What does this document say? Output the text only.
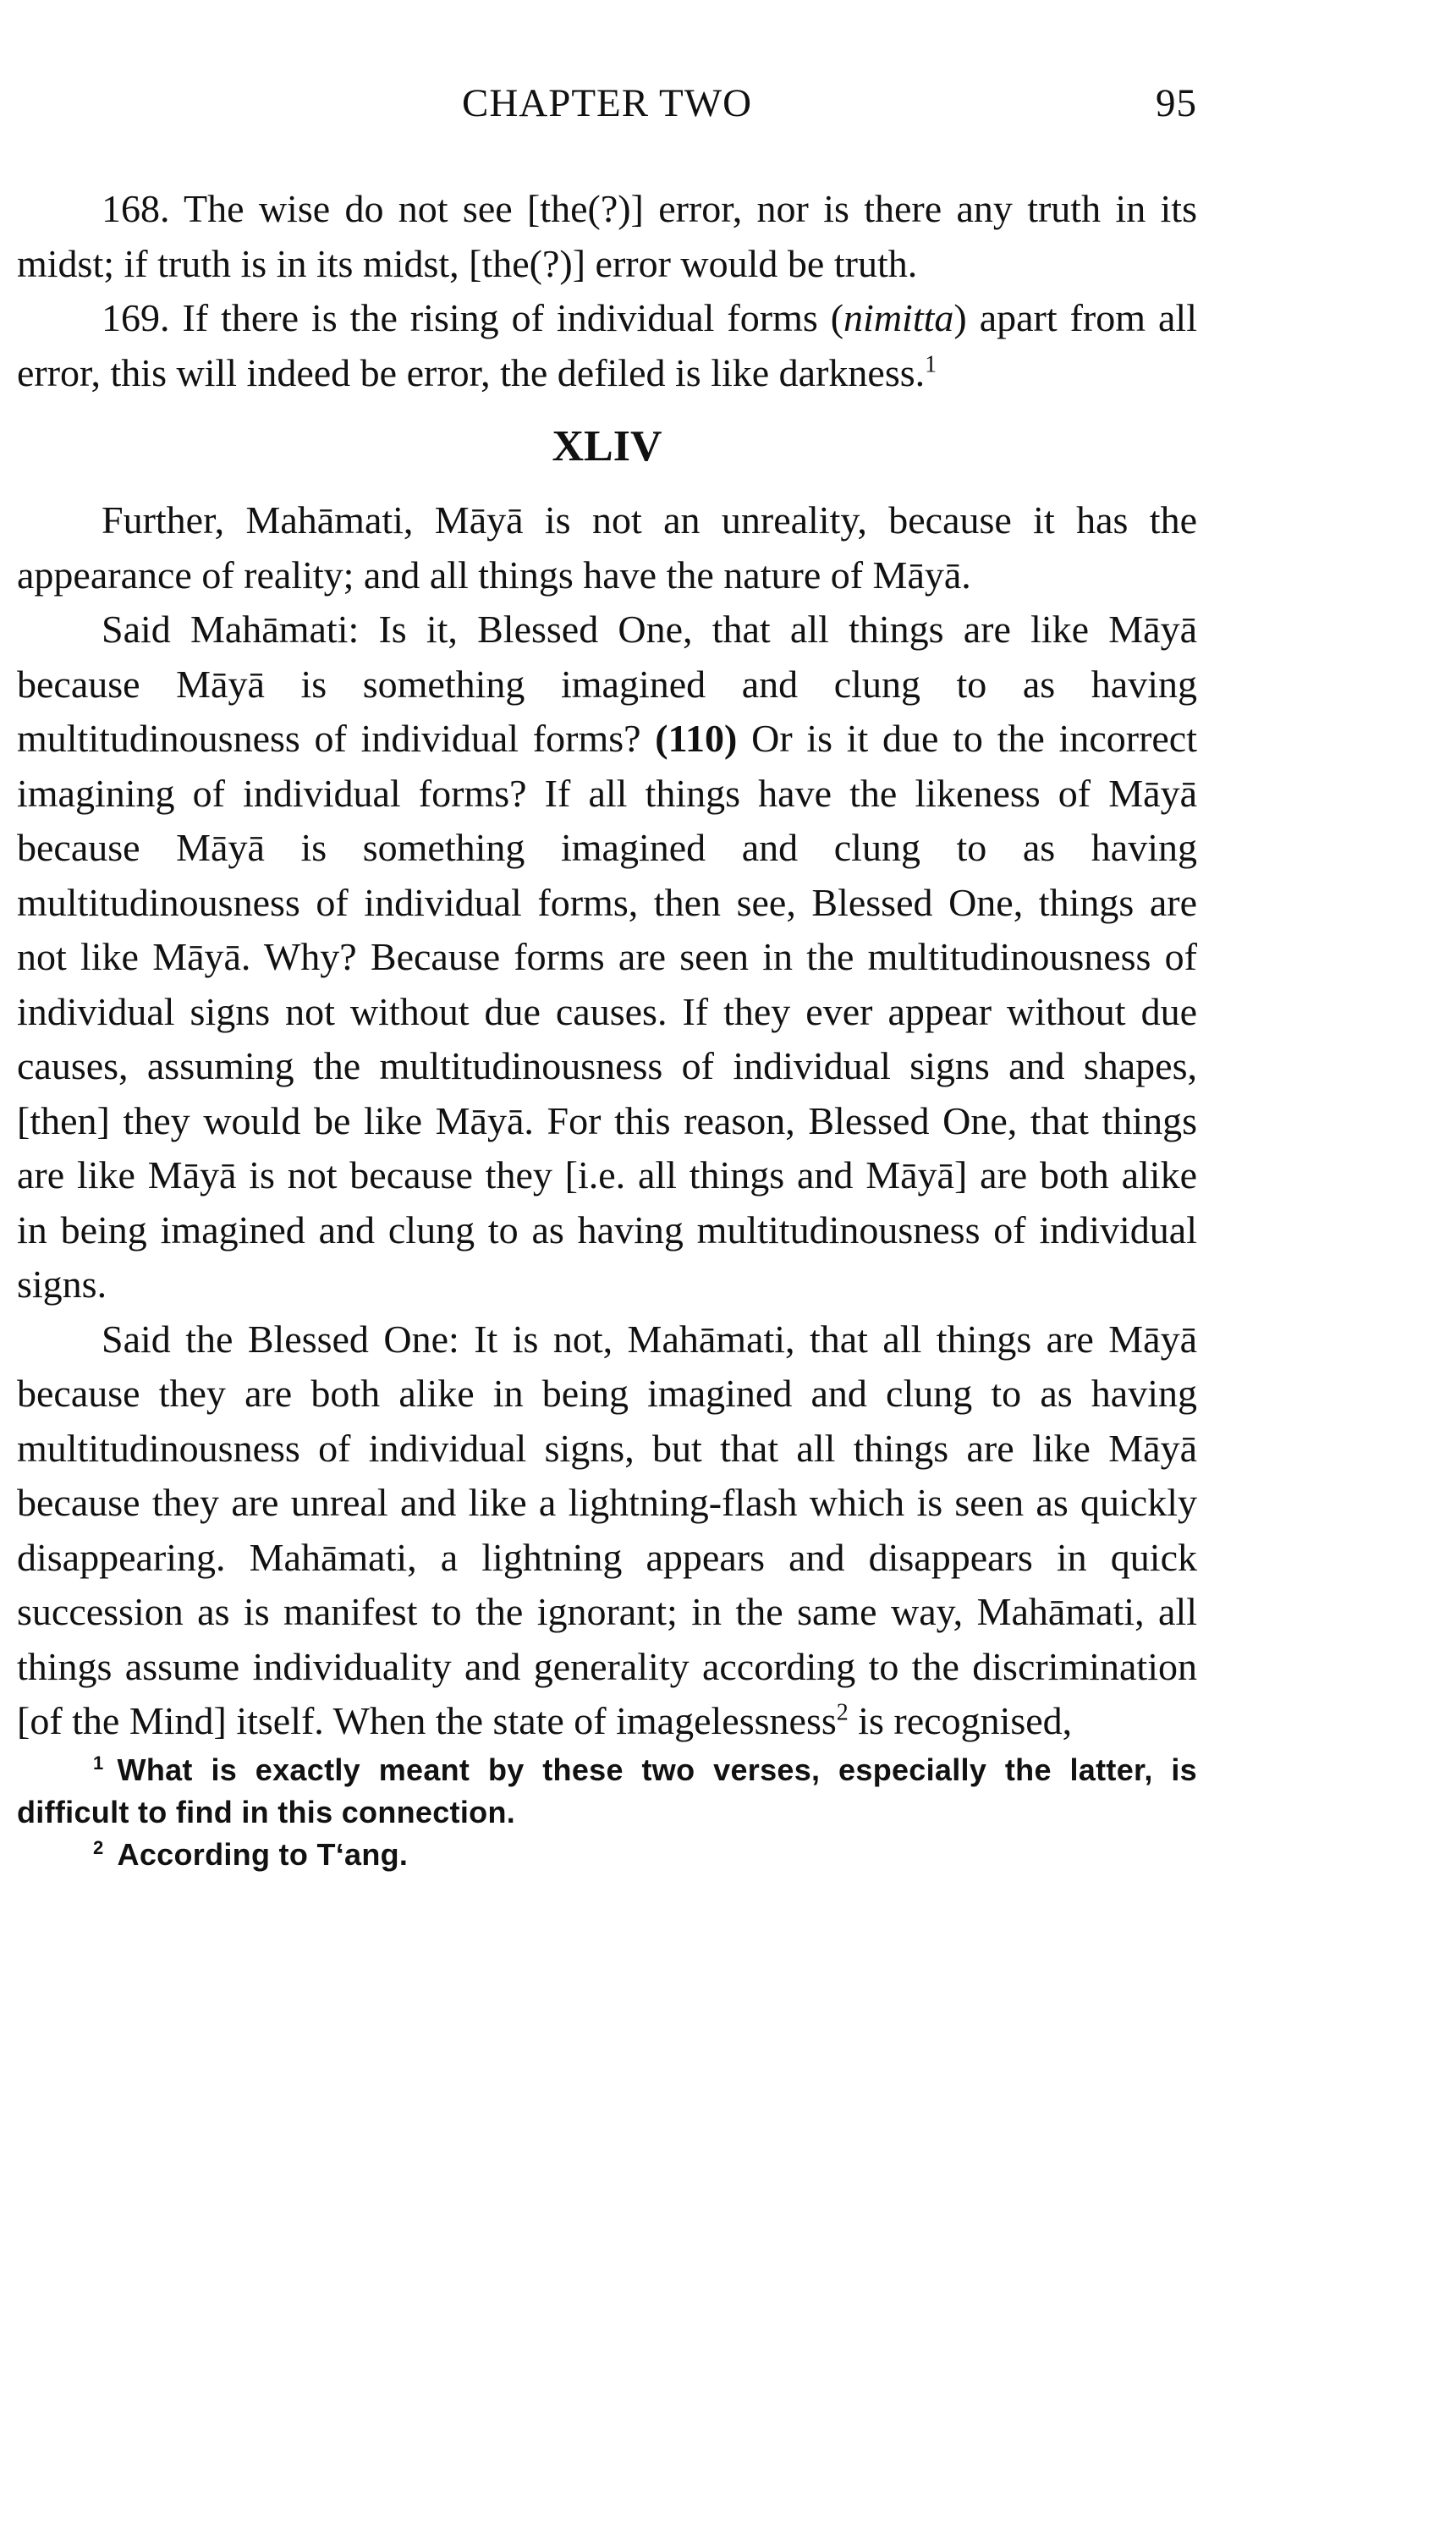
CHAPTER TWO	95

168. The wise do not see [the(?)] error, nor is there any truth in its midst; if truth is in its midst, [the(?)] error would be truth.

169. If there is the rising of individual forms (nimitta) apart from all error, this will indeed be error, the defiled is like darkness.$^1$

XLIV

Further, Mahāmati, Māyā is not an unreality, because it has the appearance of reality; and all things have the nature of Māyā.

Said Mahāmati: Is it, Blessed One, that all things are like Māyā because Māyā is something imagined and clung to as having multitudinousness of individual forms? (110) Or is it due to the incorrect imagining of individual forms? If all things have the likeness of Māyā because Māyā is something imagined and clung to as having multitudinousness of individual forms, then see, Blessed One, things are not like Māyā. Why? Because forms are seen in the multitudinousness of individual signs not without due causes. If they ever appear without due causes, assuming the multitudinousness of individual signs and shapes, [then] they would be like Māyā. For this reason, Blessed One, that things are like Māyā is not because they [i.e. all things and Māyā] are both alike in being imagined and clung to as having multitudinousness of individual signs.

Said the Blessed One: It is not, Mahāmati, that all things are Māyā because they are both alike in being imagined and clung to as having multitudinousness of individual signs, but that all things are like Māyā because they are unreal and like a lightning-flash which is seen as quickly disappearing. Mahāmati, a lightning appears and disappears in quick succession as is manifest to the ignorant; in the same way, Mahāmati, all things assume individuality and generality according to the discrimination [of the Mind] itself. When the state of imagelessness$^2$ is recognised,

$^1$ What is exactly meant by these two verses, especially the latter, is difficult to find in this connection.

$^2$ According to T‘ang.
